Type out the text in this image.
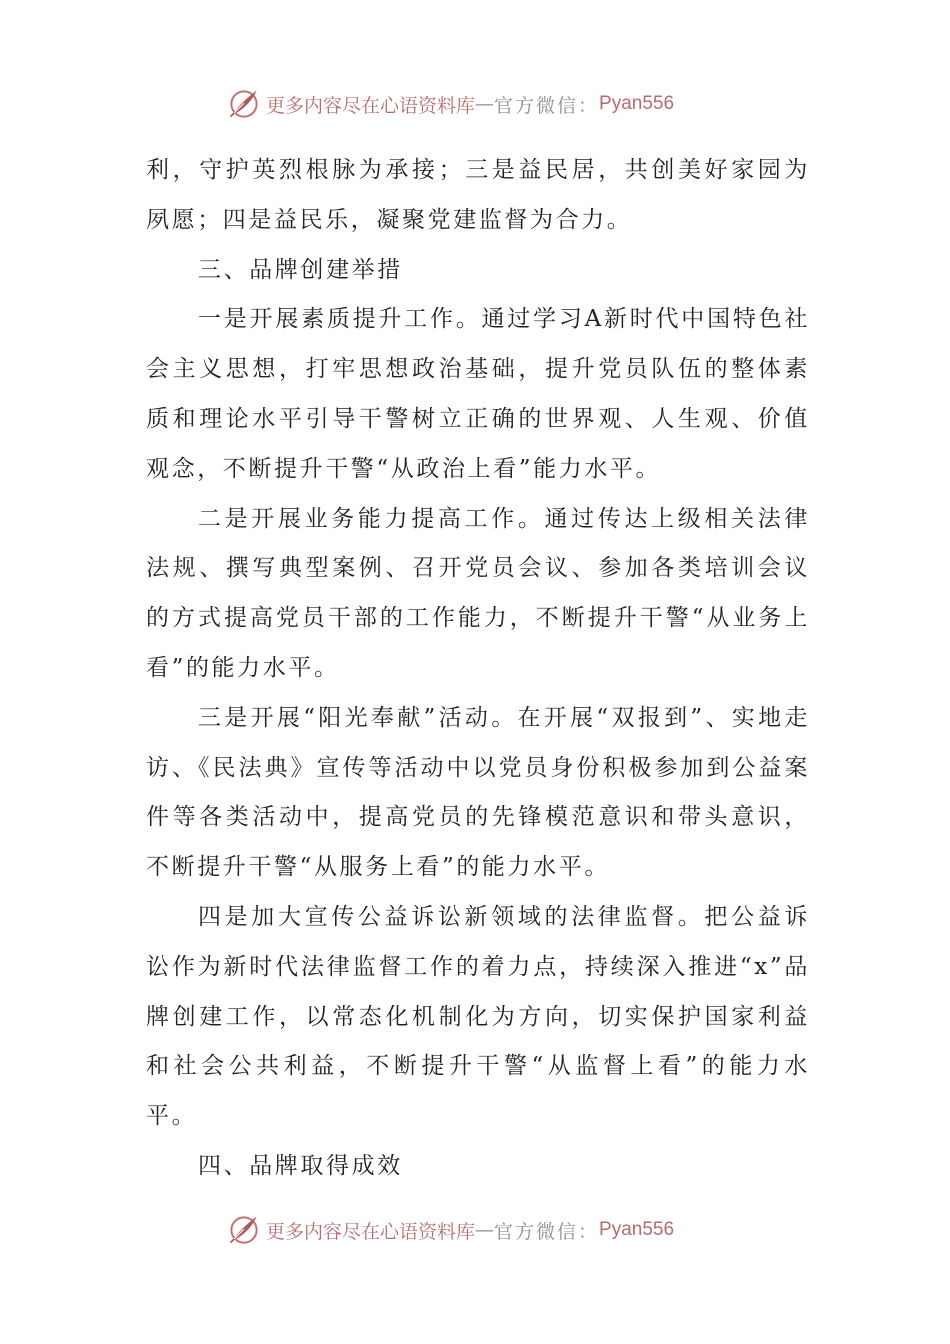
更多内容尽在心语资料库 — 官方微信： Pyan556

利，守护英烈根脉为承接；三是益民居，共创美好家园为夙愿；四是益民乐，凝聚党建监督为合力。

三、品牌创建举措

一是开展素质提升工作。通过学习A新时代中国特色社会主义思想，打牢思想政治基础，提升党员队伍的整体素质和理论水平引导干警树立正确的世界观、人生观、价值观念，不断提升干警“从政治上看”能力水平。

二是开展业务能力提高工作。通过传达上级相关法律法规、撰写典型案例、召开党员会议、参加各类培训会议的方式提高党员干部的工作能力，不断提升干警“从业务上看”的能力水平。

三是开展“阳光奉献”活动。在开展“双报到”、实地走访、《民法典》宣传等活动中以党员身份积极参加到公益案件等各类活动中，提高党员的先锋模范意识和带头意识，不断提升干警“从服务上看”的能力水平。

四是加大宣传公益诉讼新领域的法律监督。把公益诉讼作为新时代法律监督工作的着力点，持续深入推进“x”品牌创建工作，以常态化机制化为方向，切实保护国家利益和社会公共利益，不断提升干警“从监督上看”的能力水平。

四、品牌取得成效

更多内容尽在心语资料库 — 官方微信： Pyan556
